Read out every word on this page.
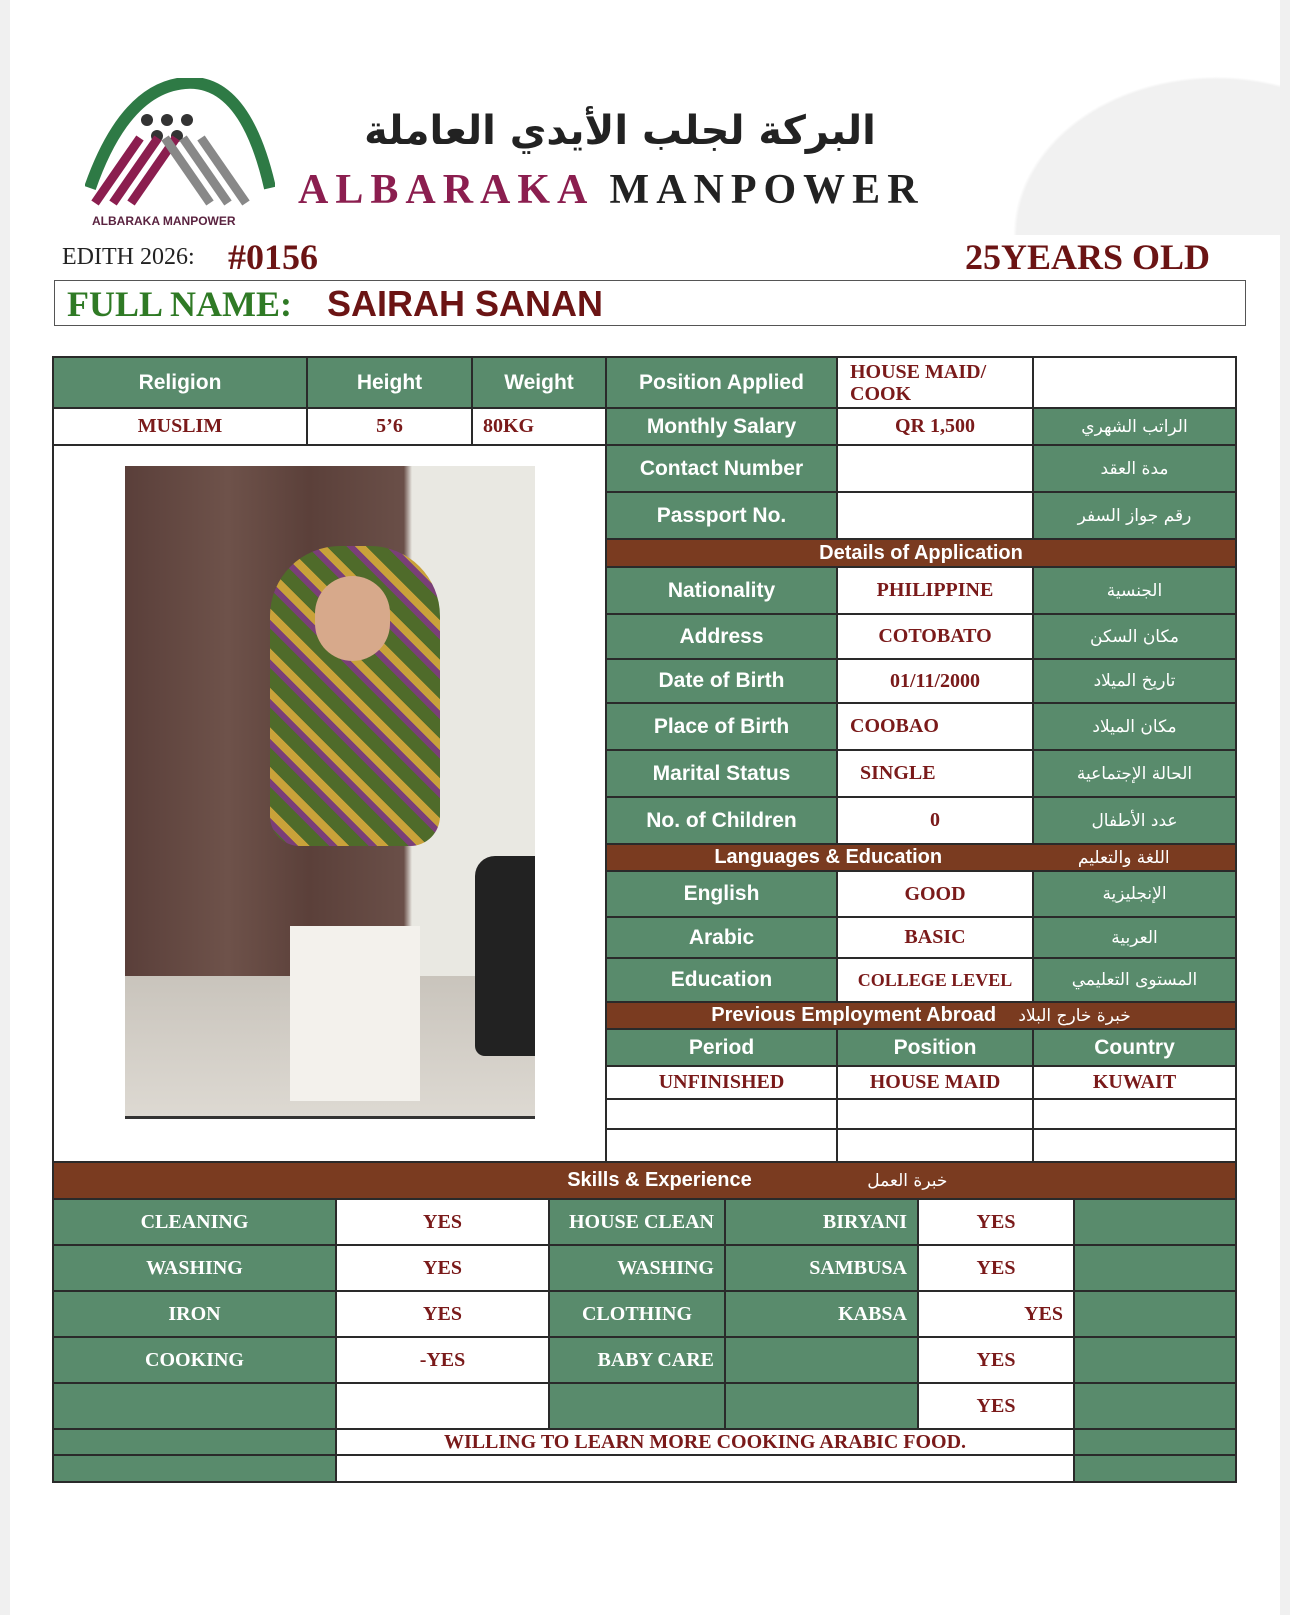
ALBARAKA MANPOWER
البركة لجلب الأيدي العاملة
ALBARAKA MANPOWER
EDITH 2026: #0156	25YEARS OLD
FULL NAME: SAIRAH SANAN
Religion	Height	Weight	Position Applied	HOUSE MAID/ COOK	
MUSLIM	5’6	80KG	Monthly Salary	QR 1,500	الراتب الشهري

			Contact Number		مدة العقد
			Passport No.		رقم جواز السفر
			Details of Application		
			Nationality	PHILIPPINE	الجنسية
			Address	COTOBATO	مكان السكن
			Date of Birth	01/11/2000	تاريخ الميلاد
			Place of Birth	COOBAO	مكان الميلاد
			Marital Status	SINGLE	الحالة الإجتماعية
			No. of Children	0	عدد الأطفال
			Languages & Education اللغة والتعليم		
			English	GOOD	الإنجليزية
			Arabic	BASIC	العربية
			Education	COLLEGE LEVEL	المستوى التعليمي
			Previous Employment Abroad خبرة خارج البلاد		
			Period	Position	Country
			UNFINISHED	HOUSE MAID	KUWAIT

Skills & Experience خبرة العمل					
CLEANING	YES	HOUSE CLEAN	BIRYANI	YES	
WASHING	YES	WASHING	SAMBUSA	YES	
IRON	YES	CLOTHING	KABSA	YES	
COOKING	-YES	BABY CARE		YES	
				YES	
	WILLING TO LEARN MORE COOKING ARABIC FOOD.				
